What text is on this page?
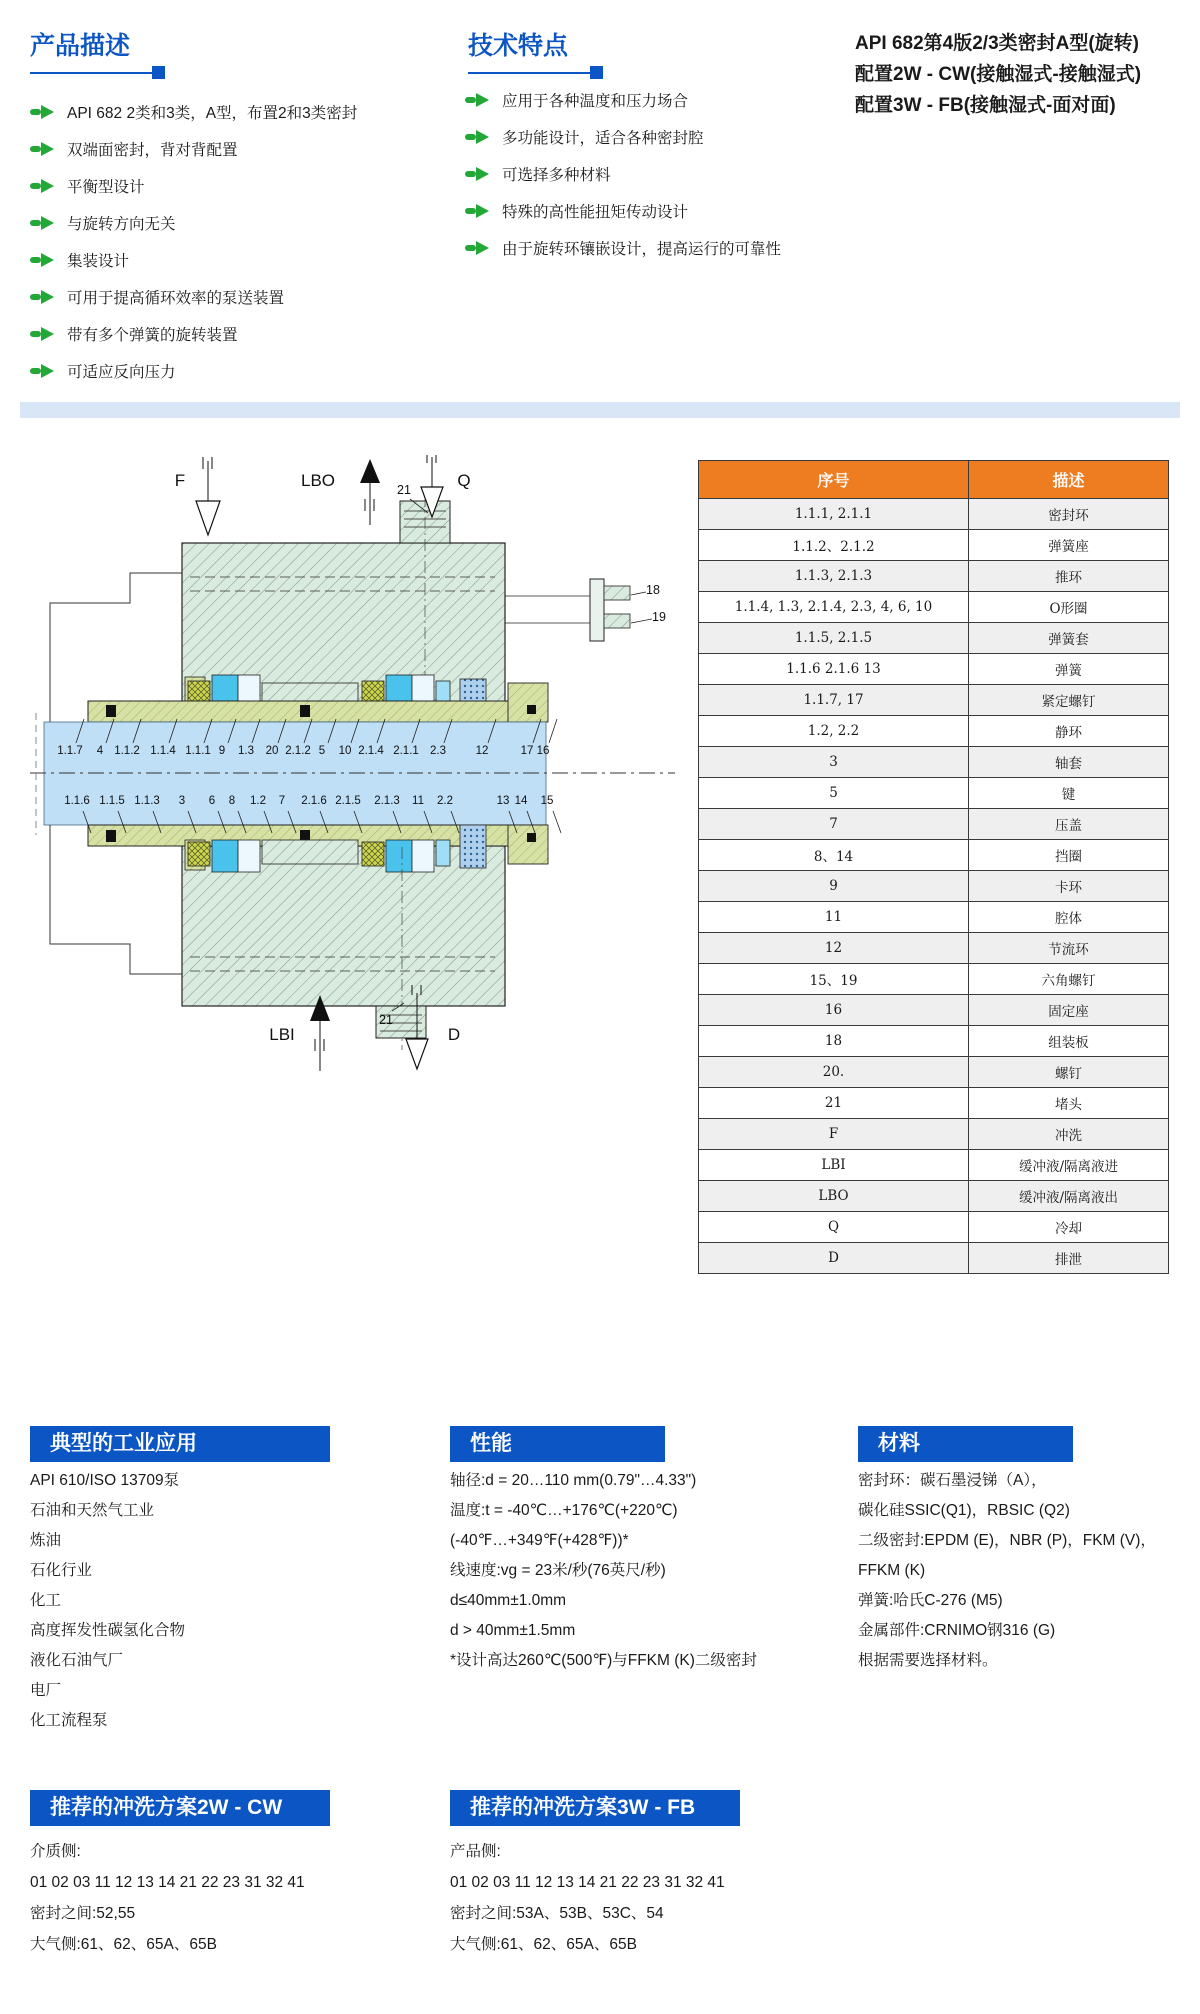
产品描述
API 682 2类和3类，A型，布置2和3类密封
双端面密封，背对背配置
平衡型设计
与旋转方向无关
集装设计
可用于提高循环效率的泵送装置
带有多个弹簧的旋转装置
可适应反向压力
技术特点
应用于各种温度和压力场合
多功能设计，适合各种密封腔
可选择多种材料
特殊的高性能扭矩传动设计
由于旋转环镶嵌设计，提高运行的可靠性
API 682第4版2/3类密封A型(旋转)
配置2W - CW(接触湿式-接触湿式)
配置3W - FB(接触湿式-面对面)
F	LBO	21	Q
18
19
LBI
21
D
1.1.7 4 1.1.2 1.1.4 1.1.1 9 1.3 20 2.1.2 5 10 2.1.4 2.1.1 2.3	12	17 16
1.1.6 1.1.5 1.1.3 3 6 8 1.2 7 2.1.6 2.1.5 2.1.3 11 2.2	13 14 15
序号	描述
1.1.1, 2.1.1	密封环
1.1.2、2.1.2	弹簧座
1.1.3, 2.1.3	推环
1.1.4, 1.3, 2.1.4, 2.3, 4, 6, 10	O形圈
1.1.5, 2.1.5	弹簧套
1.1.6 2.1.6 13	弹簧
1.1.7, 17	紧定螺钉
1.2, 2.2	静环
3	轴套
5	键
7	压盖
8、14	挡圈
9	卡环
11	腔体
12	节流环
15、19	六角螺钉
16	固定座
18	组装板
20.	螺钉
21	堵头
F	冲洗
LBI	缓冲液/隔离液进
LBO	缓冲液/隔离液出
Q	冷却
D	排泄
典型的工业应用
API 610/ISO 13709泵
石油和天然气工业
炼油
石化行业
化工
高度挥发性碳氢化合物
液化石油气厂
电厂
化工流程泵
性能
轴径:d = 20…110 mm(0.79"…4.33")
温度:t = -40℃…+176℃(+220℃)
(-40℉…+349℉(+428℉))*
线速度:vg = 23米/秒(76英尺/秒)
d≤40mm±1.0mm
d > 40mm±1.5mm
*设计高达260℃(500℉)与FFKM (K)二级密封
材料
密封环：碳石墨浸锑（A），
碳化硅SSIC(Q1)，RBSIC (Q2)
二级密封:EPDM (E)，NBR (P)，FKM (V)，
FFKM (K)
弹簧:哈氏C-276 (M5)
金属部件:CRNIMO钢316 (G)
根据需要选择材料。
推荐的冲洗方案2W - CW
介质侧:
01 02 03 11 12 13 14 21 22 23 31 32 41
密封之间:52,55
大气侧:61、62、65A、65B
推荐的冲洗方案3W - FB
产品侧:
01 02 03 11 12 13 14 21 22 23 31 32 41
密封之间:53A、53B、53C、54
大气侧:61、62、65A、65B
